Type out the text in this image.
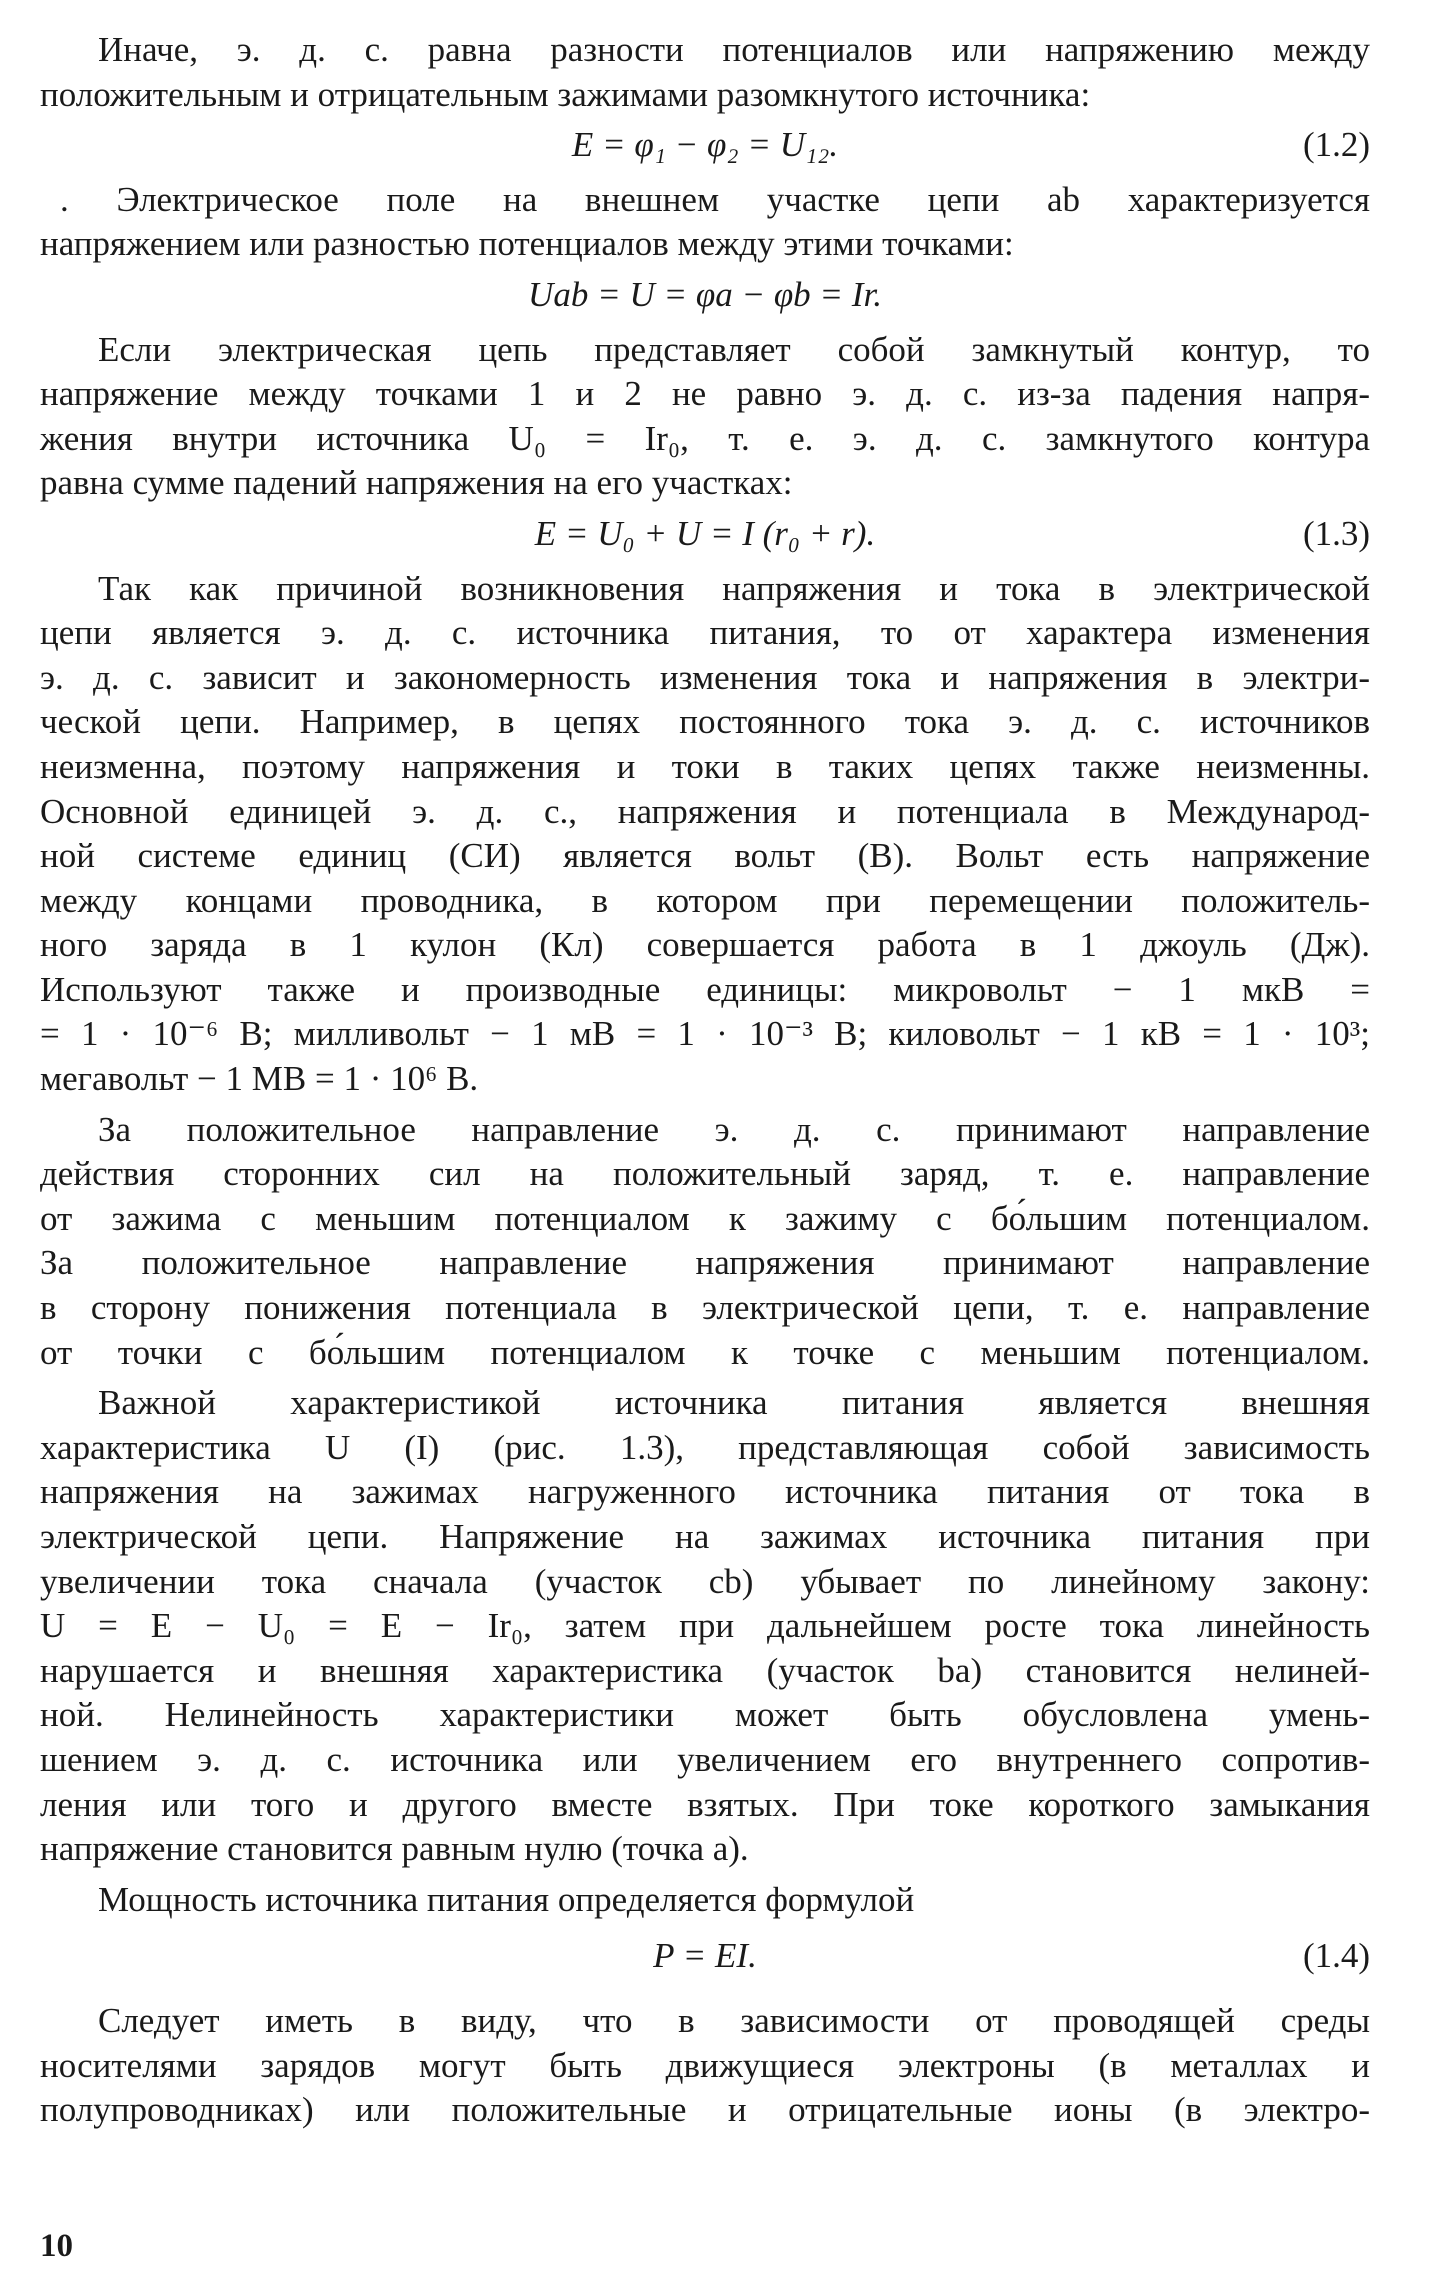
Иначе, э. д. с. равна разности потенциалов или напряжению между
положительным и отрицательным зажимами разомкнутого источника:
E = φ₁ − φ₂ = U₁₂.	(1.2)
. Электрическое поле на внешнем участке цепи ab характеризуется
напряжением или разностью потенциалов между этими точками:
Uab = U = φa − φb = Ir.
Если электрическая цепь представляет собой замкнутый контур, то
напряжение между точками 1 и 2 не равно э. д. с. из-за падения напря-
жения внутри источника U₀ = Ir₀, т. е. э. д. с. замкнутого контура
равна сумме падений напряжения на его участках:
E = U₀ + U = I (r₀ + r).	(1.3)
Так как причиной возникновения напряжения и тока в электрической
цепи является э. д. с. источника питания, то от характера изменения
э. д. с. зависит и закономерность изменения тока и напряжения в электри-
ческой цепи. Например, в цепях постоянного тока э. д. с. источников
неизменна, поэтому напряжения и токи в таких цепях также неизменны.
Основной единицей э. д. с., напряжения и потенциала в Международ-
ной системе единиц (СИ) является вольт (В). Вольт есть напряжение
между концами проводника, в котором при перемещении положитель-
ного заряда в 1 кулон (Кл) совершается работа в 1 джоуль (Дж).
Используют также и производные единицы: микровольт − 1 мкВ =
= 1 · 10⁻⁶ В; милливольт − 1 мВ = 1 · 10⁻³ В; киловольт − 1 кВ = 1 · 10³;
мегавольт − 1 МВ = 1 · 10⁶ В.
За положительное направление э. д. с. принимают направление
действия сторонних сил на положительный заряд, т. е. направление
от зажима с меньшим потенциалом к зажиму с бо́льшим потенциалом.
За положительное направление напряжения принимают направление
в сторону понижения потенциала в электрической цепи, т. е. направление
от точки с бо́льшим потенциалом к точке с меньшим потенциалом.
Важной характеристикой источника питания является внешняя
характеристика U (I) (рис. 1.3), представляющая собой зависимость
напряжения на зажимах нагруженного источника питания от тока в
электрической цепи. Напряжение на зажимах источника питания при
увеличении тока сначала (участок cb) убывает по линейному закону:
U = E − U₀ = E − Ir₀, затем при дальнейшем росте тока линейность
нарушается и внешняя характеристика (участок ba) становится нелиней-
ной. Нелинейность характеристики может быть обусловлена умень-
шением э. д. с. источника или увеличением его внутреннего сопротив-
ления или того и другого вместе взятых. При токе короткого замыкания
напряжение становится равным нулю (точка a).
Мощность источника питания определяется формулой
P = EI.	(1.4)
Следует иметь в виду, что в зависимости от проводящей среды
носителями зарядов могут быть движущиеся электроны (в металлах и
полупроводниках) или положительные и отрицательные ионы (в электро-
10
